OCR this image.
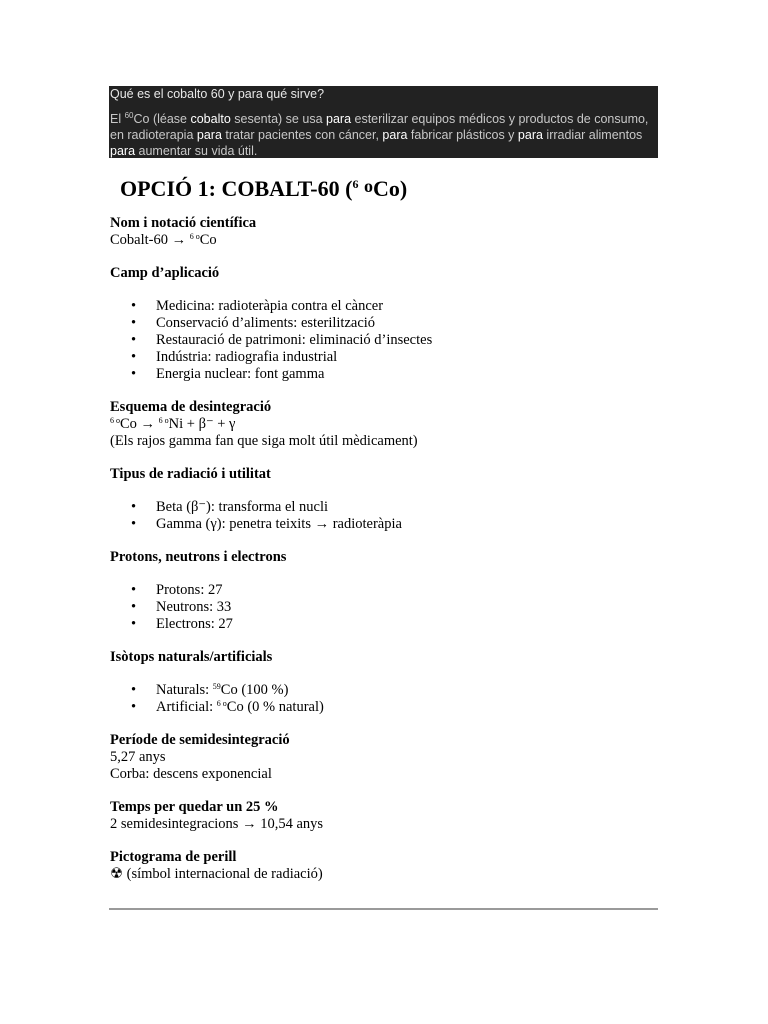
Qué es el cobalto 60 y para qué sirve?

El $^{60}$Co (léase cobalto sesenta) se usa para esterilizar equipos médicos y productos de consumo, en radioterapia para tratar pacientes con cáncer, para fabricar plásticos y para irradiar alimentos para aumentar su vida útil.
OPCIÓ 1: COBALT-60 ($^6$ oCo)

Nom i notació científica

Cobalt-60 → $^{6 o}$Co

Camp d’aplicació

• Medicina: radioteràpia contra el càncer
• Conservació d’aliments: esterilització
• Restauració de patrimoni: eliminació d’insectes
• Indústria: radiografia industrial
• Energia nuclear: font gamma

Esquema de desintegració

$^{6 o}$Co → $^{6 o}$Ni + β⁻ + γ

(Els rajos gamma fan que siga molt útil mèdicament)

Tipus de radiació i utilitat

• Beta (β⁻): transforma el nucli
• Gamma (γ): penetra teixits → radioteràpia

Protons, neutrons i electrons

• Protons: 27
• Neutrons: 33
• Electrons: 27

Isòtops naturals/artificials

• Naturals: $^{59}$Co (100 %)
• Artificial: $^{6 o}$Co (0 % natural)

Període de semidesintegració

5,27 anys

Corba: descens exponencial

Temps per quedar un 25 %

2 semidesintegracions → 10,54 anys

Pictograma de perill

☢ (símbol internacional de radiació)
